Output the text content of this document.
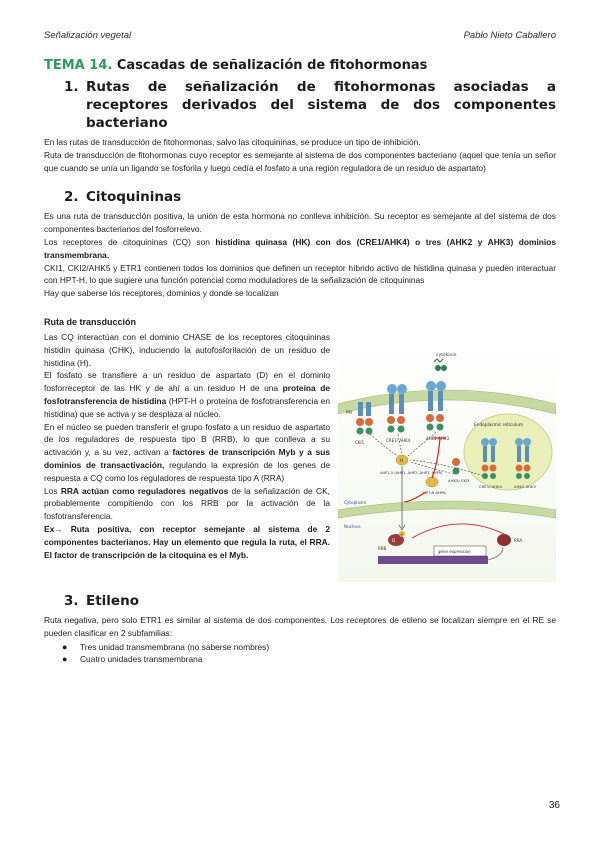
Señalización vegetal	Pablo Nieto Caballero
TEMA 14. Cascadas de señalización de fitohormonas
1. Rutas de señalización de fitohormonas asociadas a receptores derivados del sistema de dos componentes bacteriano

En las rutas de transducción de fitohormonas, salvo las citoquininas, se produce un tipo de inhibición.

Ruta de transducción de fitohormonas cuyo receptor es semejante al sistema de dos componentes bacteriano (aquel que tenía un señor que cuando se unía un ligando se fosforila y luego cedía el fosfato a una región reguladora de un residuo de aspartato)

2. Citoquininas

Es una ruta de transducción positiva, la unión de esta hormona no conlleva inhibición. Su receptor es semejante al del sistema de dos componentes bacterianos del fosforrelevo.

Los receptores de citoquininas (CQ) son histidina quinasa (HK) con dos (CRE1/AHK4) o tres (AHK2 y AHK3) dominios transmembrana.

CKI1, CKI2/AHK5 y ETR1 contienen todos los dominios que definen un receptor híbrido activo de histidina quinasa y pueden interactuar con HPT-H, lo que sugiere una función potencial como moduladores de la señalización de citoquininas

Hay que saberse los receptores, dominios y donde se localizan

Ruta de transducción

Las CQ interactúan con el dominio CHASE de los receptores citoquininas histidín quinasa (CHK), induciendo la autofosforilación de un residuo de histidina (H).

El fosfato se transfiere a un residuo de aspartato (D) en el dominio fosforreceptor de las HK y de ahí a un residuo H de una proteína de fosfotransferencia de histidina (HPT-H o proteína de fosfotransferencia en histidina) que se activa y se desplaza al núcleo.

En el núcleo se pueden transferir el grupo fosfato a un residuo de aspartato de los reguladores de respuesta tipo B (RRB), lo que conlleva a su activación y, a su vez, activan a factores de transcripción Myb y a sus dominios de transactivación, regulando la expresión de los genes de respuesta a CQ como los reguladores de respuesta tipo A (RRA)

Los RRA actúan como reguladores negativos de la señalización de CK, probablemente compitiendo con los RRB por la activación de la fosfotransferencia.

Ex→ Ruta positiva, con receptor semejante al sistema de 2 componentes bacterianos. Hay un elemento que regula la ruta, el RRA. El factor de transcripción de la citoquina es el Myb.

cytokinin
PM
CKI1	CRE1/ AHK4	AHK2 AHK3
Endoplasmic reticulum
CRE1/ AHK4	AHK2 AHK3
AHK5/ CKI2
H
AHP1-5 (AHP1, AHP2, AHP3, AHP5)
HPT-N AHP6
Cytoplasm
Nucleus
D
RRB
P
gene expression
RRA
3. Etileno

Ruta negativa, pero solo ETR1 es similar al sistema de dos componentes. Los receptores de etileno se localizan siempre en el RE se pueden clasificar en 2 subfamilias:

● Tres unidad transmembrana (no saberse nombres)
● Cuatro unidades transmembrana
36
